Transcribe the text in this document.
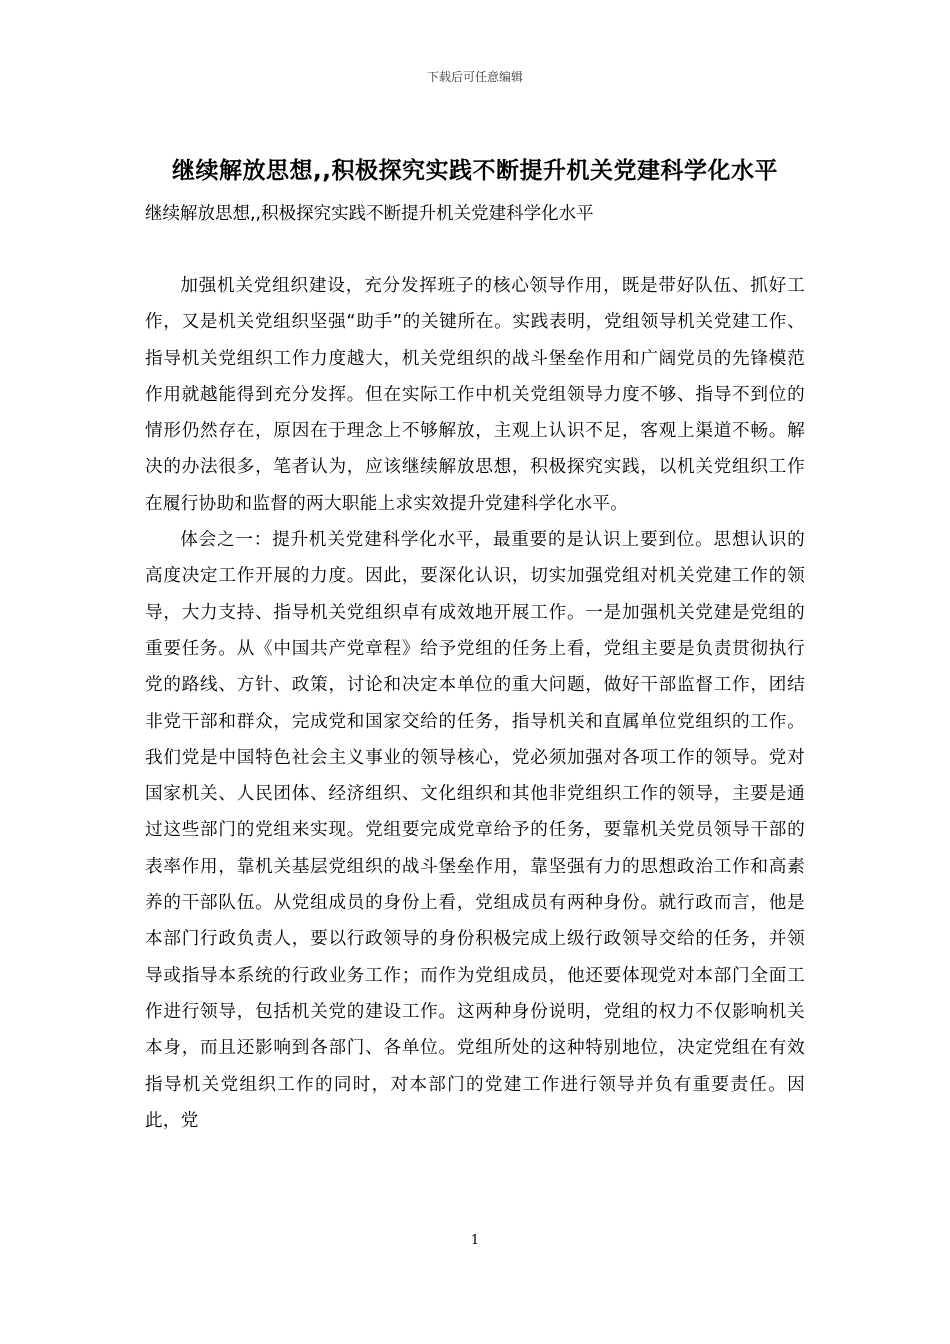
下载后可任意编辑
继续解放思想,,积极探究实践不断提升机关党建科学化水平
继续解放思想,,积极探究实践不断提升机关党建科学化水平

加强机关党组织建设，充分发挥班子的核心领导作用，既是带好队伍、抓好工作，又是机关党组织坚强“助手”的关键所在。实践表明，党组领导机关党建工作、指导机关党组织工作力度越大，机关党组织的战斗堡垒作用和广阔党员的先锋模范作用就越能得到充分发挥。但在实际工作中机关党组领导力度不够、指导不到位的情形仍然存在，原因在于理念上不够解放，主观上认识不足，客观上渠道不畅。解决的办法很多，笔者认为，应该继续解放思想，积极探究实践，以机关党组织工作在履行协助和监督的两大职能上求实效提升党建科学化水平。

体会之一：提升机关党建科学化水平，最重要的是认识上要到位。思想认识的高度决定工作开展的力度。因此，要深化认识，切实加强党组对机关党建工作的领导，大力支持、指导机关党组织卓有成效地开展工作。一是加强机关党建是党组的重要任务。从《中国共产党章程》给予党组的任务上看，党组主要是负责贯彻执行党的路线、方针、政策，讨论和决定本单位的重大问题，做好干部监督工作，团结非党干部和群众，完成党和国家交给的任务，指导机关和直属单位党组织的工作。我们党是中国特色社会主义事业的领导核心，党必须加强对各项工作的领导。党对国家机关、人民团体、经济组织、文化组织和其他非党组织工作的领导，主要是通过这些部门的党组来实现。党组要完成党章给予的任务，要靠机关党员领导干部的表率作用，靠机关基层党组织的战斗堡垒作用，靠坚强有力的思想政治工作和高素养的干部队伍。从党组成员的身份上看，党组成员有两种身份。就行政而言，他是本部门行政负责人，要以行政领导的身份积极完成上级行政领导交给的任务，并领导或指导本系统的行政业务工作；而作为党组成员，他还要体现党对本部门全面工作进行领导，包括机关党的建设工作。这两种身份说明，党组的权力不仅影响机关本身，而且还影响到各部门、各单位。党组所处的这种特别地位，决定党组在有效指导机关党组织工作的同时，对本部门的党建工作进行领导并负有重要责任。因此，党

1
